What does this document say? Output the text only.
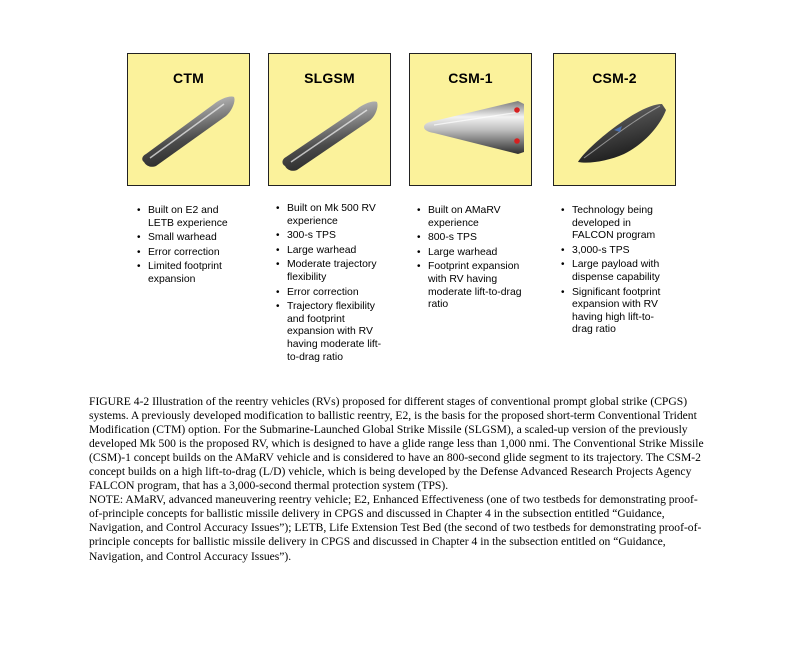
CTM	SLGSM	CSM-1	CSM-2
• Built on E2 and LETB experience
• Small warhead
• Error correction
• Limited footprint expansion
• Built on Mk 500 RV experience
• 300-s TPS
• Large warhead
• Moderate trajectory flexibility
• Error correction
• Trajectory flexibility and footprint expansion with RV having moderate lift-to-drag ratio
• Built on AMaRV experience
• 800-s TPS
• Large warhead
• Footprint expansion with RV having moderate lift-to-drag ratio
• Technology being developed in FALCON program
• 3,000-s TPS
• Large payload with dispense capability
• Significant footprint expansion with RV having high lift-to-drag ratio

FIGURE 4-2 Illustration of the reentry vehicles (RVs) proposed for different stages of conventional prompt global strike (CPGS) systems. A previously developed modification to ballistic reentry, E2, is the basis for the proposed short-term Conventional Trident Modification (CTM) option. For the Submarine-Launched Global Strike Missile (SLGSM), a scaled-up version of the previously developed Mk 500 is the proposed RV, which is designed to have a glide range less than 1,000 nmi. The Conventional Strike Missile (CSM)-1 concept builds on the AMaRV vehicle and is considered to have an 800-second glide segment to its trajectory. The CSM-2 concept builds on a high lift-to-drag (L/D) vehicle, which is being developed by the Defense Advanced Research Projects Agency FALCON program, that has a 3,000-second thermal protection system (TPS).

NOTE: AMaRV, advanced maneuvering reentry vehicle; E2, Enhanced Effectiveness (one of two testbeds for demonstrating proof-of-principle concepts for ballistic missile delivery in CPGS and discussed in Chapter 4 in the subsection entitled “Guidance, Navigation, and Control Accuracy Issues”); LETB, Life Extension Test Bed (the second of two testbeds for demonstrating proof-of-principle concepts for ballistic missile delivery in CPGS and discussed in Chapter 4 in the subsection entitled on “Guidance, Navigation, and Control Accuracy Issues”).
